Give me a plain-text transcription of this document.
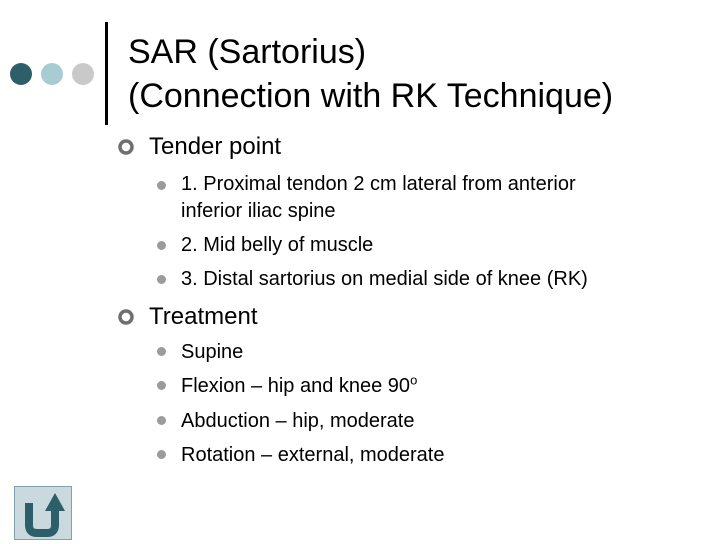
SAR (Sartorius)
(Connection with RK Technique)
Tender point
1. Proximal tendon 2 cm lateral from anterior
inferior iliac spine
2. Mid belly of muscle
3. Distal sartorius on medial side of knee (RK)
Treatment
Supine
Flexion – hip and knee 90$^o$
Abduction – hip, moderate
Rotation – external, moderate
